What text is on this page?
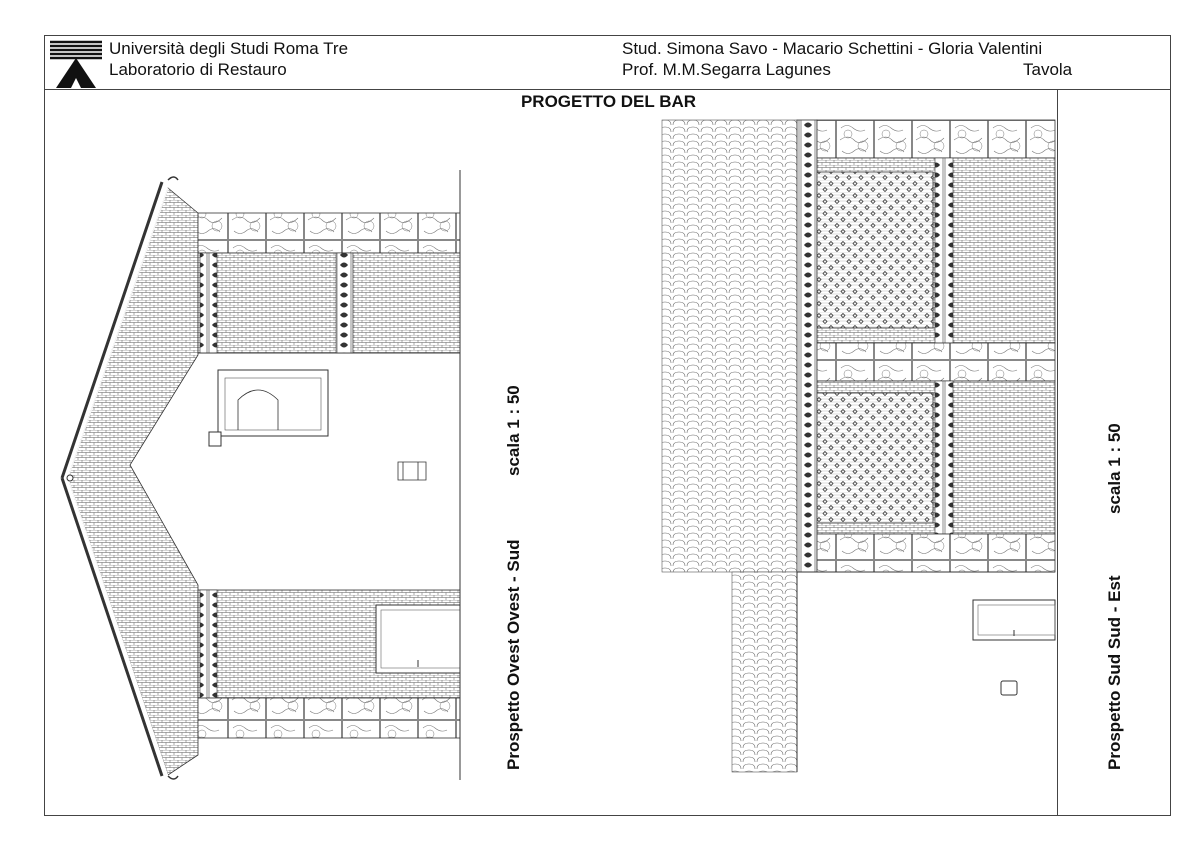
Università degli Studi Roma Tre
Laboratorio di Restauro
Stud. Simona Savo - Macario Schettini - Gloria Valentini
Prof. M.M.Segarra Lagunes	Tavola
PROGETTO DEL BAR
Prospetto Ovest Ovest - Sud
scala 1 : 50
Prospetto Sud Sud - Est
scala 1 : 50
